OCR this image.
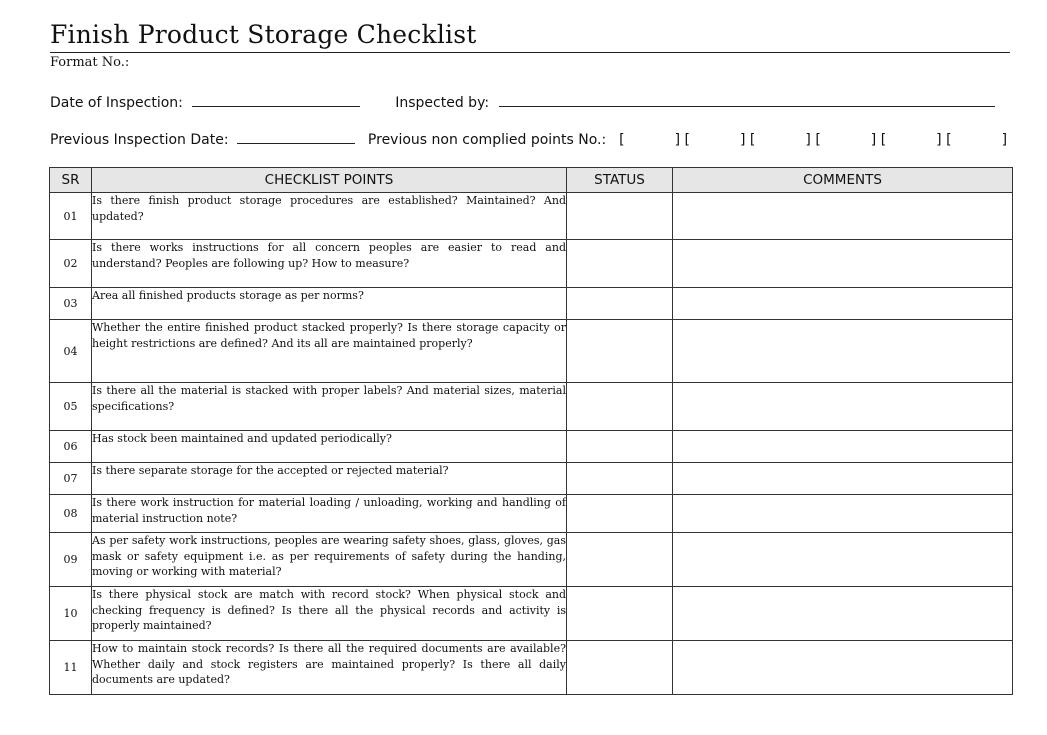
Finish Product Storage Checklist
Format No.:
Date of Inspection:	Inspected by:
Previous Inspection Date:	Previous non complied points No.: [	] [	] [	] [	] [	] [	]
SR	CHECKLIST POINTS	STATUS	COMMENTS
01	Is there finish product storage procedures are established? Maintained? And updated?		
02	Is there works instructions for all concern peoples are easier to read and understand? Peoples are following up? How to measure?		
03	Area all finished products storage as per norms?		
04	Whether the entire finished product stacked properly? Is there storage capacity or height restrictions are defined? And its all are maintained properly?		
05	Is there all the material is stacked with proper labels? And material sizes, material specifications?		
06	Has stock been maintained and updated periodically?		
07	Is there separate storage for the accepted or rejected material?		
08	Is there work instruction for material loading / unloading, working and handling of material instruction note?		
09	As per safety work instructions, peoples are wearing safety shoes, glass, gloves, gas mask or safety equipment i.e. as per requirements of safety during the handing, moving or working with material?		
10	Is there physical stock are match with record stock? When physical stock and checking frequency is defined? Is there all the physical records and activity is properly maintained?		
11	How to maintain stock records? Is there all the required documents are available? Whether daily and stock registers are maintained properly? Is there all daily documents are updated?		
